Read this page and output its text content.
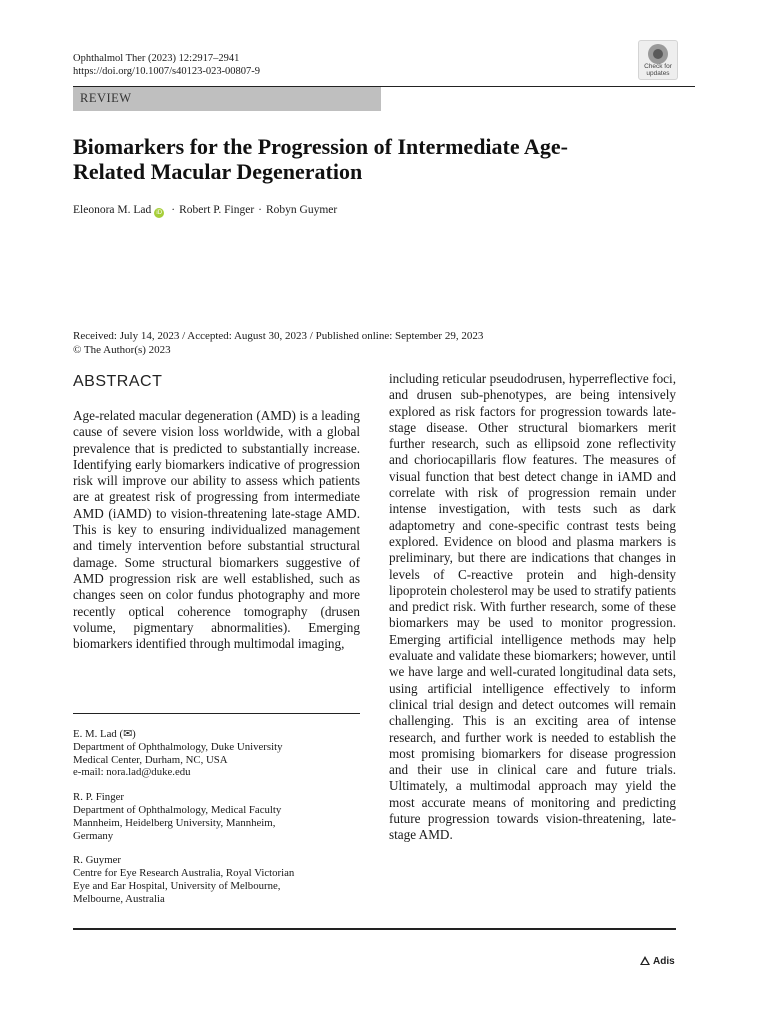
Ophthalmol Ther (2023) 12:2917–2941
https://doi.org/10.1007/s40123-023-00807-9	Check for updates
REVIEW
Biomarkers for the Progression of Intermediate Age-Related Macular Degeneration
Eleonora M. Lad iD · Robert P. Finger · Robyn Guymer
Received: July 14, 2023 / Accepted: August 30, 2023 / Published online: September 29, 2023
© The Author(s) 2023
ABSTRACT
Age-related macular degeneration (AMD) is a leading cause of severe vision loss worldwide, with a global prevalence that is predicted to substantially increase. Identifying early biomarkers indicative of progression risk will improve our ability to assess which patients are at greatest risk of progressing from intermediate AMD (iAMD) to vision-threatening late-stage AMD. This is key to ensuring individualized management and timely intervention before substantial structural damage. Some structural biomarkers suggestive of AMD progression risk are well established, such as changes seen on color fundus photography and more recently optical coherence tomography (drusen volume, pigmentary abnormalities). Emerging biomarkers identified through multimodal imaging,
including reticular pseudodrusen, hyperreflective foci, and drusen sub-phenotypes, are being intensively explored as risk factors for progression towards late-stage disease. Other structural biomarkers merit further research, such as ellipsoid zone reflectivity and choriocapillaris flow features. The measures of visual function that best detect change in iAMD and correlate with risk of progression remain under intense investigation, with tests such as dark adaptometry and cone-specific contrast tests being explored. Evidence on blood and plasma markers is preliminary, but there are indications that changes in levels of C-reactive protein and high-density lipoprotein cholesterol may be used to stratify patients and predict risk. With further research, some of these biomarkers may be used to monitor progression. Emerging artificial intelligence methods may help evaluate and validate these biomarkers; however, until we have large and well-curated longitudinal data sets, using artificial intelligence effectively to inform clinical trial design and detect outcomes will remain challenging. This is an exciting area of intense research, and further work is needed to establish the most promising biomarkers for disease progression and their use in clinical care and future trials. Ultimately, a multimodal approach may yield the most accurate means of monitoring and predicting future progression towards vision-threatening, late-stage AMD.
E. M. Lad (✉)
Department of Ophthalmology, Duke University
Medical Center, Durham, NC, USA
e-mail: nora.lad@duke.edu
R. P. Finger
Department of Ophthalmology, Medical Faculty
Mannheim, Heidelberg University, Mannheim,
Germany
R. Guymer
Centre for Eye Research Australia, Royal Victorian
Eye and Ear Hospital, University of Melbourne,
Melbourne, Australia
Adis
